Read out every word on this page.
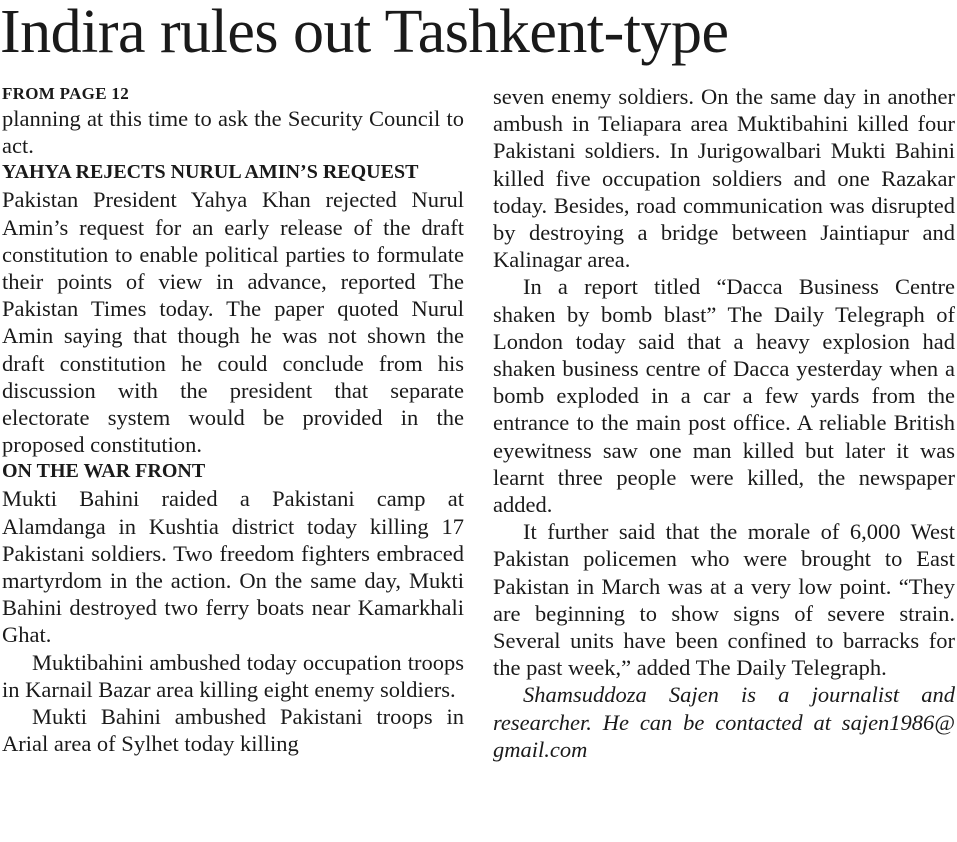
Indira rules out Tashkent-type
FROM PAGE 12

planning at this time to ask the Security Council to act.

YAHYA REJECTS NURUL AMIN’S REQUEST

Pakistan President Yahya Khan rejected Nurul Amin’s request for an early release of the draft constitution to enable political parties to formulate their points of view in advance, reported The Pakistan Times today. The paper quoted Nurul Amin saying that though he was not shown the draft constitution he could conclude from his discussion with the president that separate electorate system would be provided in the proposed constitution.

ON THE WAR FRONT

Mukti Bahini raided a Pakistani camp at Alamdanga in Kushtia district today killing 17 Pakistani soldiers. Two freedom fighters embraced martyrdom in the action. On the same day, Mukti Bahini destroyed two ferry boats near Kamarkhali Ghat.

Muktibahini ambushed today occupation troops in Karnail Bazar area killing eight enemy soldiers.

Mukti Bahini ambushed Pakistani troops in Arial area of Sylhet today killing

seven enemy soldiers. On the same day in another ambush in Teliapara area Muktibahini killed four Pakistani soldiers. In Jurigowalbari Mukti Bahini killed five occupation soldiers and one Razakar today. Besides, road communication was disrupted by destroying a bridge between Jaintiapur and Kalinagar area.

In a report titled “Dacca Business Centre shaken by bomb blast” The Daily Telegraph of London today said that a heavy explosion had shaken business centre of Dacca yesterday when a bomb exploded in a car a few yards from the entrance to the main post office. A reliable British eyewitness saw one man killed but later it was learnt three people were killed, the newspaper added.

It further said that the morale of 6,000 West Pakistan policemen who were brought to East Pakistan in March was at a very low point. “They are beginning to show signs of severe strain. Several units have been confined to barracks for the past week,” added The Daily Telegraph.

Shamsuddoza Sajen is a journalist and researcher. He can be contacted at sajen1986@ gmail.com
